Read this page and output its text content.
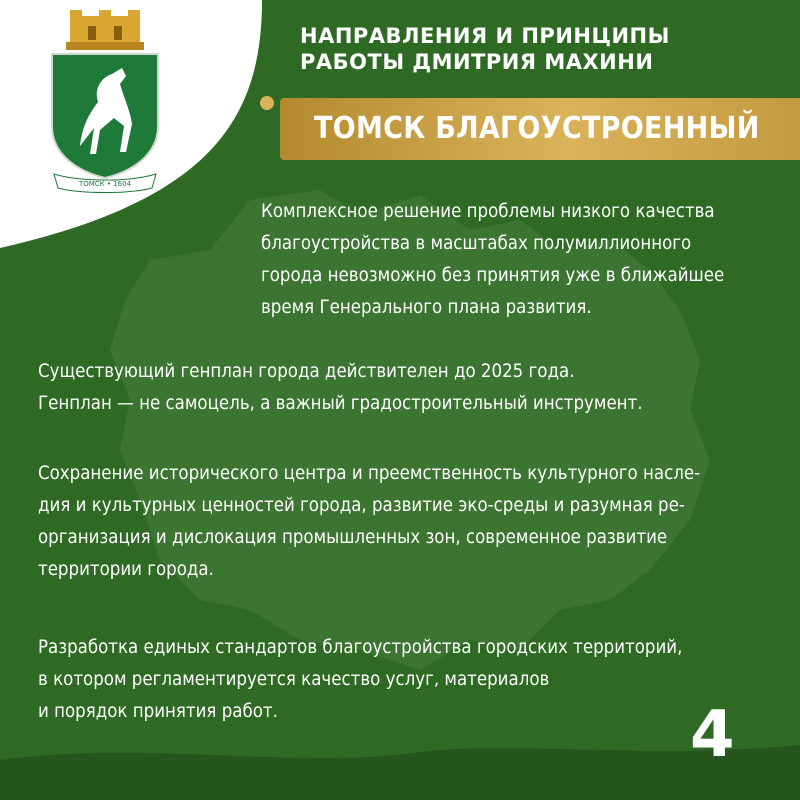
ТОМСК • 1604
НАПРАВЛЕНИЯ И ПРИНЦИПЫ
РАБОТЫ ДМИТРИЯ МАХИНИ
ТОМСК БЛАГОУСТРОЕННЫЙ
Комплексное решение проблемы низкого качества
благоустройства в масштабах полумиллионного
города невозможно без принятия уже в ближайшее
время Генерального плана развития.
Существующий генплан города действителен до 2025 года.
Генплан — не самоцель, а важный градостроительный инструмент.
Сохранение исторического центра и преемственность культурного насле-
дия и культурных ценностей города, развитие эко-среды и разумная ре-
организация и дислокация промышленных зон, современное развитие
территории города.
Разработка единых стандартов благоустройства городских территорий,
в котором регламентируется качество услуг, материалов
и порядок принятия работ.	4
